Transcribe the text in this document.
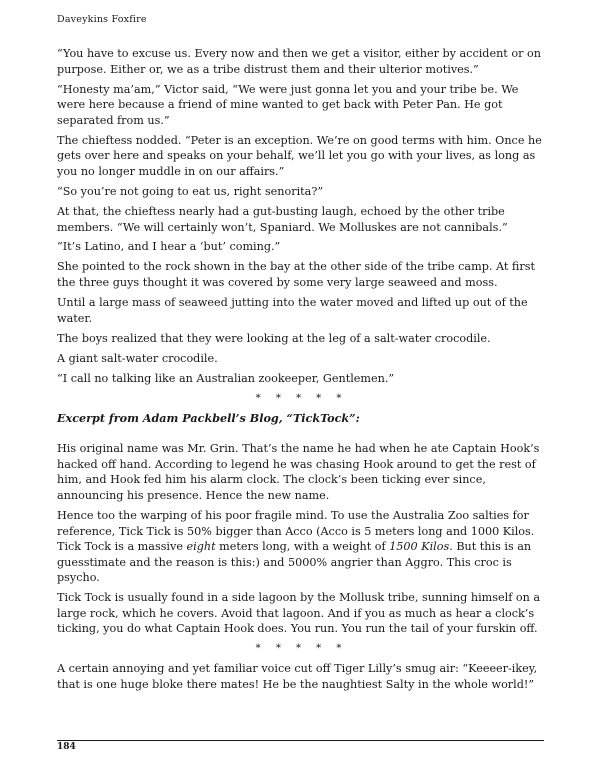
Daveykins Foxfire

“You have to excuse us. Every now and then we get a visitor, either by accident or on purpose. Either or, we as a tribe distrust them and their ulterior motives.”

“Honesty ma’am,” Victor said, “We were just gonna let you and your tribe be. We were here because a friend of mine wanted to get back with Peter Pan. He got separated from us.”

The chieftess nodded. “Peter is an exception. We’re on good terms with him. Once he gets over here and speaks on your behalf, we’ll let you go with your lives, as long as you no longer muddle in on our affairs.”

“So you’re not going to eat us, right senorita?”

At that, the chieftess nearly had a gut-busting laugh, echoed by the other tribe members. “We will certainly won’t, Spaniard. We Molluskes are not cannibals.”

“It’s Latino, and I hear a ‘but’ coming.”

She pointed to the rock shown in the bay at the other side of the tribe camp. At first the three guys thought it was covered by some very large seaweed and moss.

Until a large mass of seaweed jutting into the water moved and lifted up out of the water.

The boys realized that they were looking at the leg of a salt-water crocodile.

A giant salt-water crocodile.

“I call no talking like an Australian zookeeper, Gentlemen.”

* * * * *

Excerpt from Adam Packbell’s Blog, “TickTock”:

His original name was Mr. Grin. That’s the name he had when he ate Captain Hook’s hacked off hand. According to legend he was chasing Hook around to get the rest of him, and Hook fed him his alarm clock. The clock’s been ticking ever since, announcing his presence. Hence the new name.

Hence too the warping of his poor fragile mind. To use the Australia Zoo salties for reference, Tick Tick is 50% bigger than Acco (Acco is 5 meters long and 1000 Kilos. Tick Tock is a massive eight meters long, with a weight of 1500 Kilos. But this is an guesstimate and the reason is this:) and 5000% angrier than Aggro. This croc is psycho.

Tick Tock is usually found in a side lagoon by the Mollusk tribe, sunning himself on a large rock, which he covers. Avoid that lagoon. And if you as much as hear a clock’s ticking, you do what Captain Hook does. You run. You run the tail of your furskin off.

* * * * *

A certain annoying and yet familiar voice cut off Tiger Lilly’s smug air: “Keeeer-ikey, that is one huge bloke there mates! He be the naughtiest Salty in the whole world!”

184
